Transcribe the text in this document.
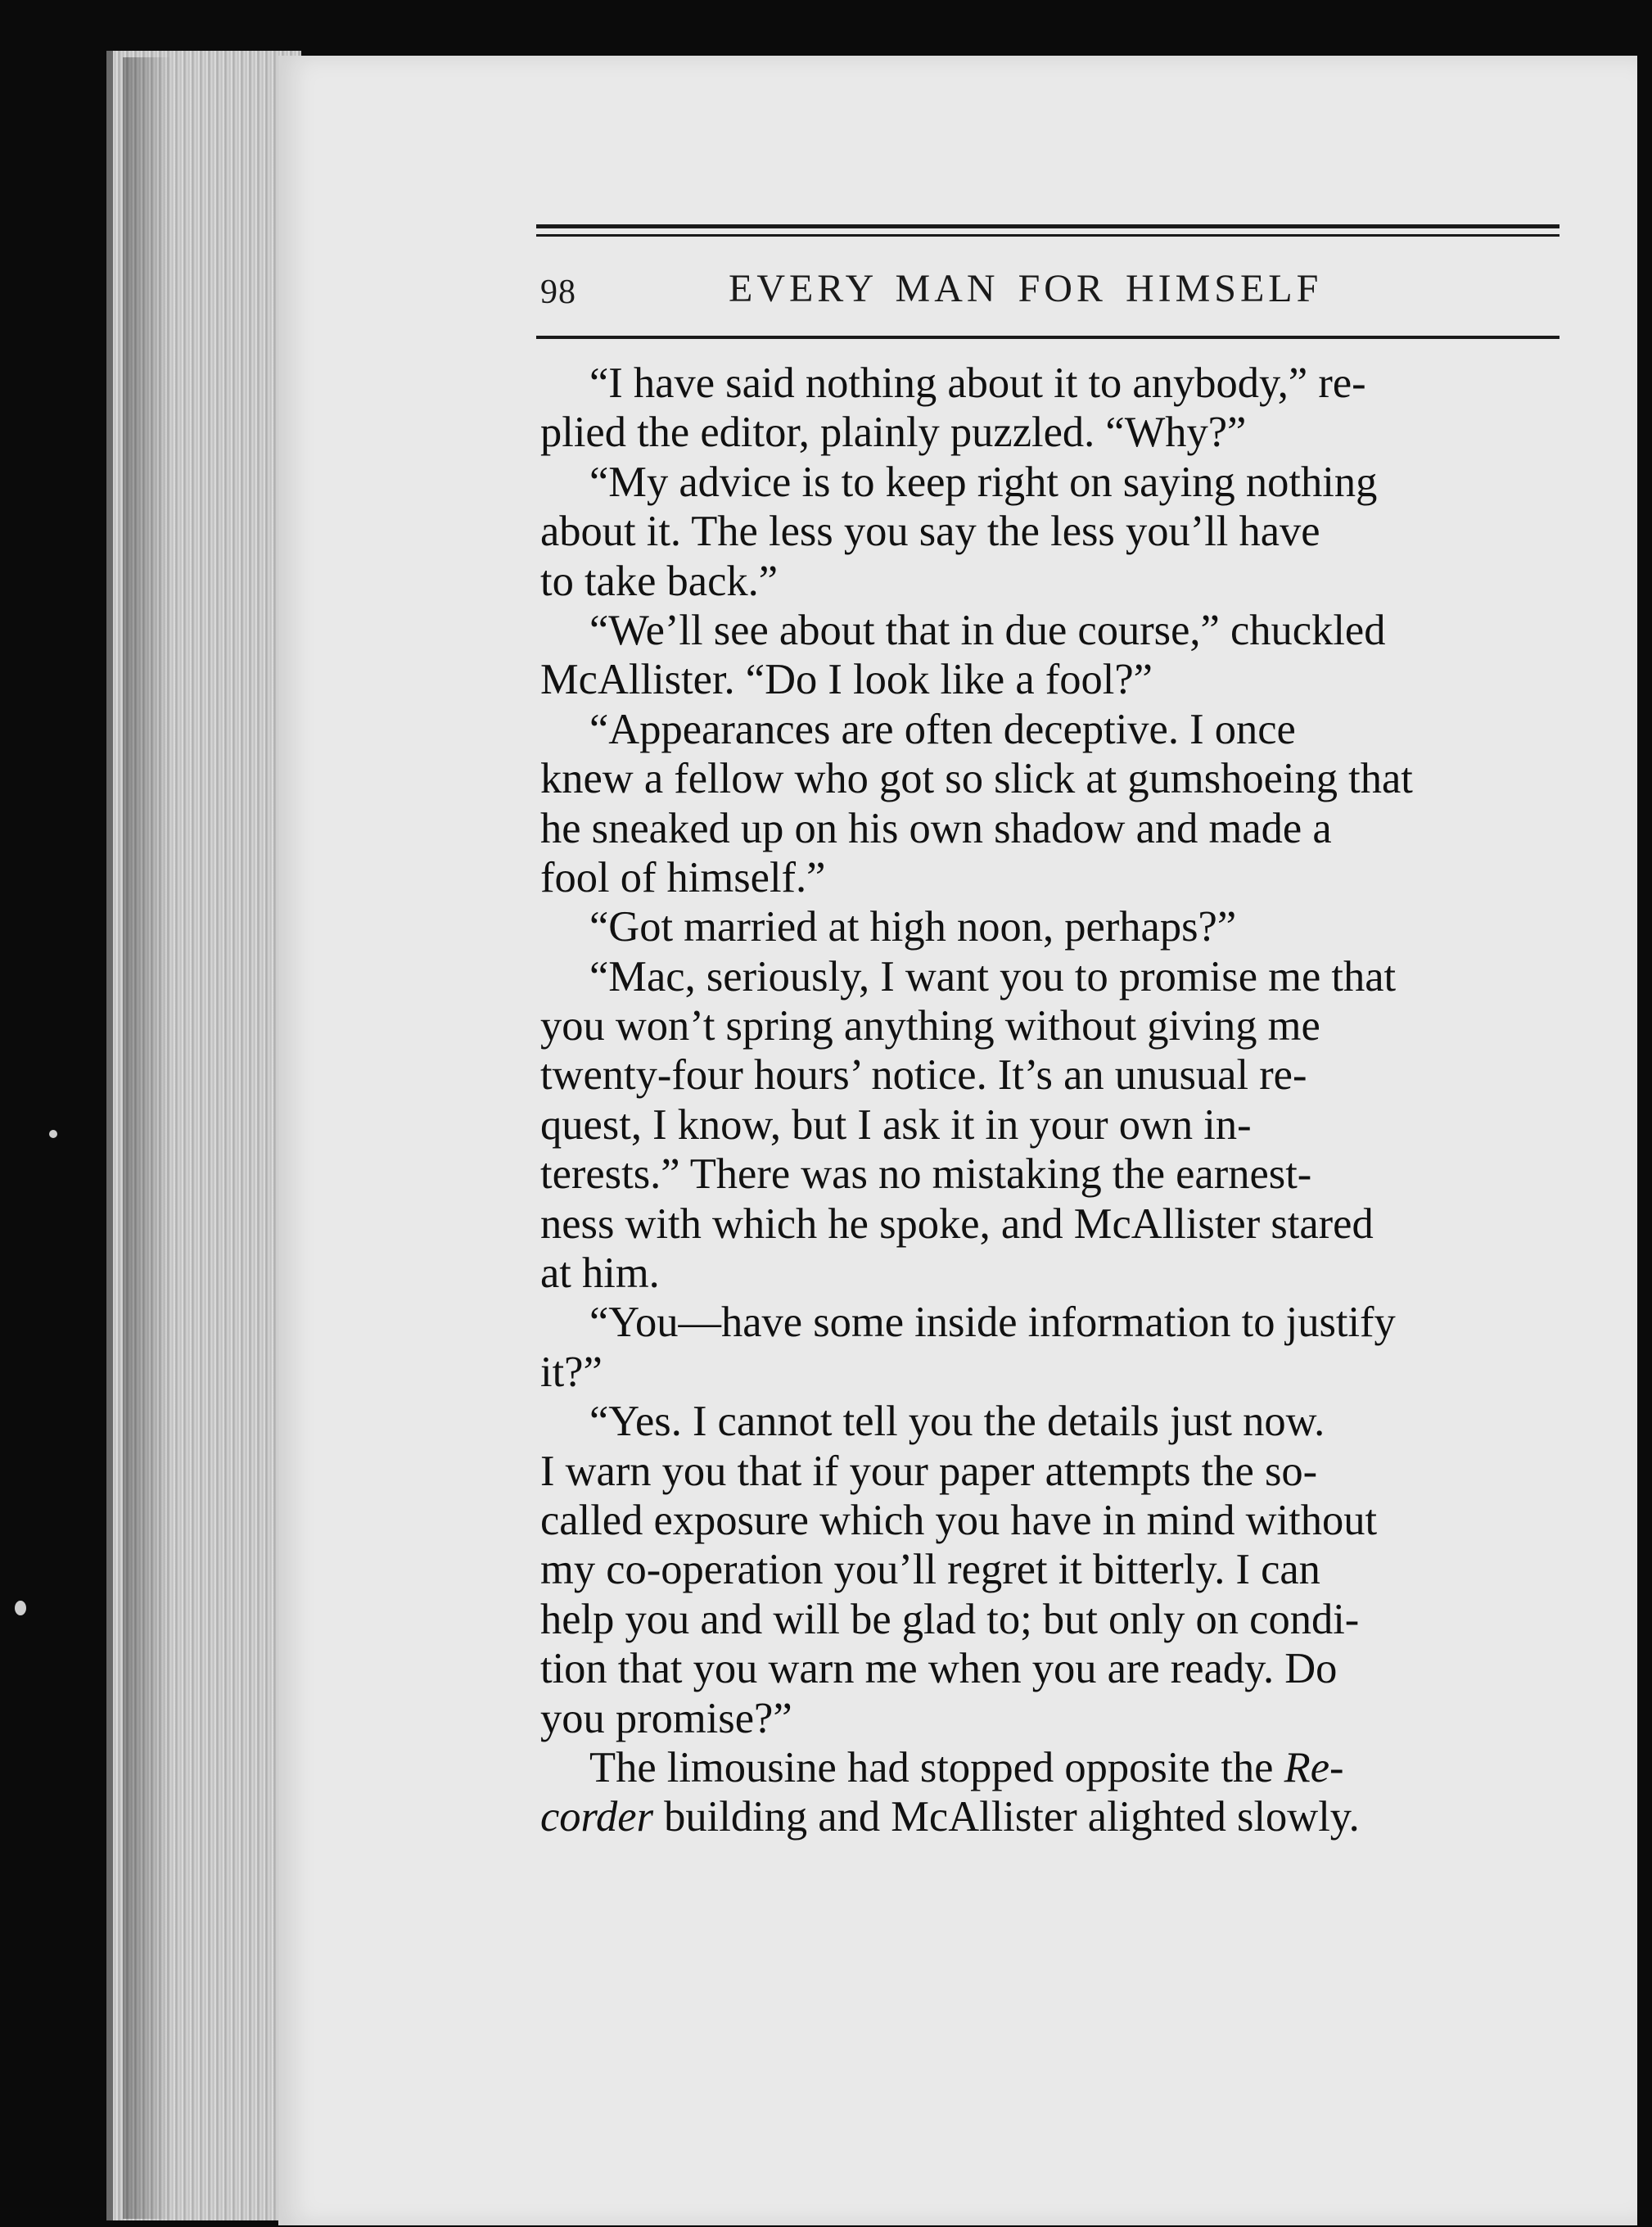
98	EVERY MAN FOR HIMSELF
“I have said nothing about it to anybody,” re-
plied the editor, plainly puzzled. “Why?”
“My advice is to keep right on saying nothing
about it. The less you say the less you’ll have
to take back.”
“We’ll see about that in due course,” chuckled
McAllister. “Do I look like a fool?”
“Appearances are often deceptive. I once
knew a fellow who got so slick at gumshoeing that
he sneaked up on his own shadow and made a
fool of himself.”
“Got married at high noon, perhaps?”
“Mac, seriously, I want you to promise me that
you won’t spring anything without giving me
twenty-four hours’ notice. It’s an unusual re-
quest, I know, but I ask it in your own in-
terests.” There was no mistaking the earnest-
ness with which he spoke, and McAllister stared
at him.
“You—have some inside information to justify
it?”
“Yes. I cannot tell you the details just now.
I warn you that if your paper attempts the so-
called exposure which you have in mind without
my co-operation you’ll regret it bitterly. I can
help you and will be glad to; but only on condi-
tion that you warn me when you are ready. Do
you promise?”
The limousine had stopped opposite the Re-
corder building and McAllister alighted slowly.
